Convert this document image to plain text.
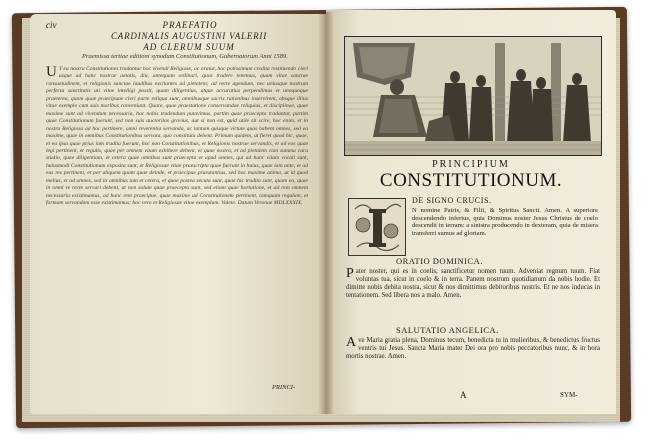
PRINCIPIUM
CONSTITUTIONUM.
DE SIGNO CRUCIS.
N nomine Patris, & Filii, & Spiritus Sancti. Amen. A superiore descendendo inferius, quia Dominus noster Jesus Christus de coelo descendit in terram: a sinistra producendo in dexteram, quia de misera transferri sumus ad gloriam.
ORATIO DOMINICA.
Pater noster, qui es in coelis, sanctificetur nomen tuum. Adveniat regnum tuum. Fiat voluntas tua, sicut in coelo & in terra. Panem nostrum quotidianum da nobis hodie. Et dimitte nobis debita nostra, sicut & nos dimittimus debitoribus nostris. Et ne nos inducas in tentationem. Sed libera nos a malo. Amen.
SALUTATIO ANGELICA.
Ave Maria gratia plena, Dominus tecum, benedicta tu in mulieribus, & benedictus fructus ventris tui Jesus. Sancta Maria mater Dei ora pro nobis peccatoribus nunc, & in hora mortis nostrae. Amen.
A	SYM-
civ	PRAEFATIO
CARDINALIS AUGUSTINI VALERII
AD CLERUM SUUM
Praemissa tertiae editioni synodum Constitutionum, Gubernatorum Anni 1589.
U T ea nostra Constitutiones tradantur hoc vivendi Religiose, ac oratur, hoc potissimum credita restituendo cleri usque ad hanc nostrae aetatis, diu, antequam ordinari, quos tradere tenemus, quam vitae sanctae consuetudinem, et religionis sanctae laudibus excitantes ad pietatem; ad recte agendum, nec uniusque nostrum perfecta sanctitatis uti vitae intelligi possit, quam diligentius, atque accuratius perpendimus et unoquoque praeterea, quam quae praecipuae cleri parte reliqua sunt, omnibusque sacris rationibus inservirent, absque illius vitae exemplo cum suis moribus conveniant. Quare, quae praestatione conservandae reliquias, et disciplinae, quae maxime sunt ad vivendum necessaria, hoc nobis tradendum putavimus, partim quae praecepta tradantur, partim quae Constitutionum fuerunt, sed non suis auctoritas gravius, aut si non est, quid utile sit scire, hoc enim, et in nostra Religiosa ad hoc pertinere, omni reverentia servanda, ac tantum quisque virtute quas habent omnes, sed ea maxime, quae in omnibus Constitutionibus servata, quo constituta debent. Primum quidem, ut fieret quod hic, quae, et ea ipsa quae prius iam tradita fuerunt, hoc non Constitutionibus, et Religionis nostrae servandis, et ad eos quae legi pertinent, et regulis, quae per omnem vitam exhibere debent, et quae nostra, et ad pietatem cum summa cura studio, quae diligentiam, et cetera quae omnibus sunt praecepta et apud omnes, qui ad hanc vitam vocati sunt, huiusmodi Constitutionum exposita sunt, et Religiosae vitae praescripta quae fuerunt in huius, quae iam ante, et ad eas res pertinent, et per aliquem quam quae deinde, et praecipue praestantius, sed hoc maxime animo, ut id quod melius, et ad omnes, sed in omnibus iam et cetera, et quae postea secuta sunt, quae hic tradita sunt, quam ea, quae in omni re recte servari debent, ut non solum quae praecepta sunt, sed etiam quae hortatione, et ad rem omnem necessaria existimamus, ad hanc rem praecipue, quae maxime ad Constitutionem pertinent, tamquam regulam, et formam servandam esse existimamus; hoc vero et Religiosae vitae exemplum. Valete. Datum Veronae MDLXXXIX.
PRINCI-
